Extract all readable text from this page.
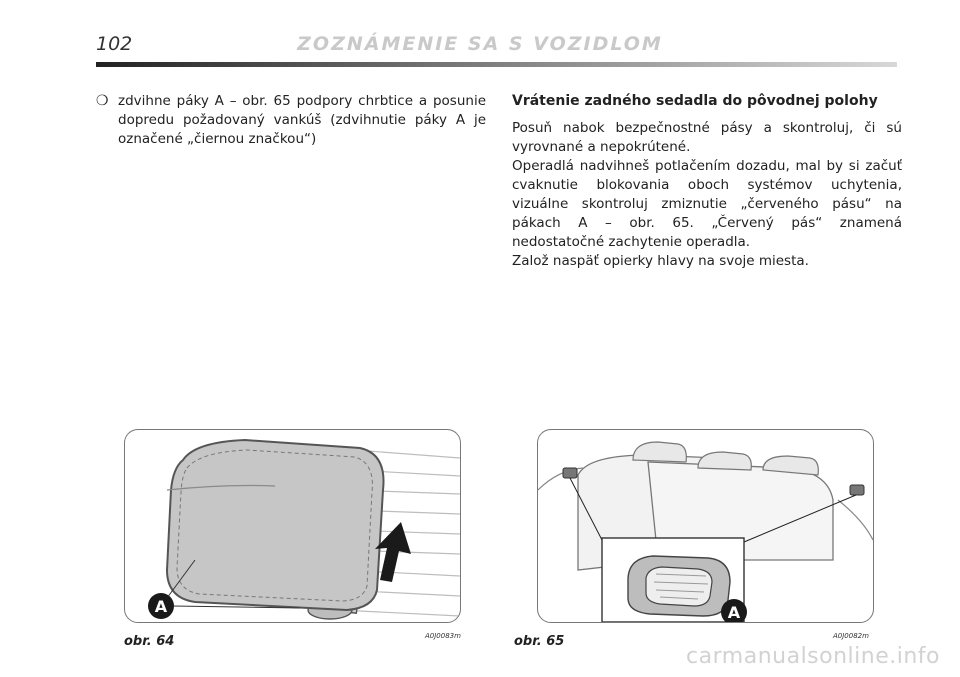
102	ZOZNÁMENIE SA S VOZIDLOM
❍ zdvihne páky A – obr. 65 podpory chrbtice a posunie dopredu požadovaný vankúš (zdvihnutie páky A je označené „čiernou značkou“)
Vrátenie zadného sedadla do pôvodnej polohy

Posuň nabok bezpečnostné pásy a skontroluj, či sú vyrovnané a nepokrútené.

Operadlá nadvihneš potlačením dozadu, mal by si začuť cvaknutie blokovania oboch systémov uchytenia, vizuálne skontroluj zmiznutie „červeného pásu“ na pákach A – obr. 65. „Červený pás“ znamená nedostatočné zachytenie operadla.

Založ naspäť opierky hlavy na svoje miesta.

A	A
obr. 64	A0J0083m	obr. 65	A0J0082m
carmanualsonline.info
